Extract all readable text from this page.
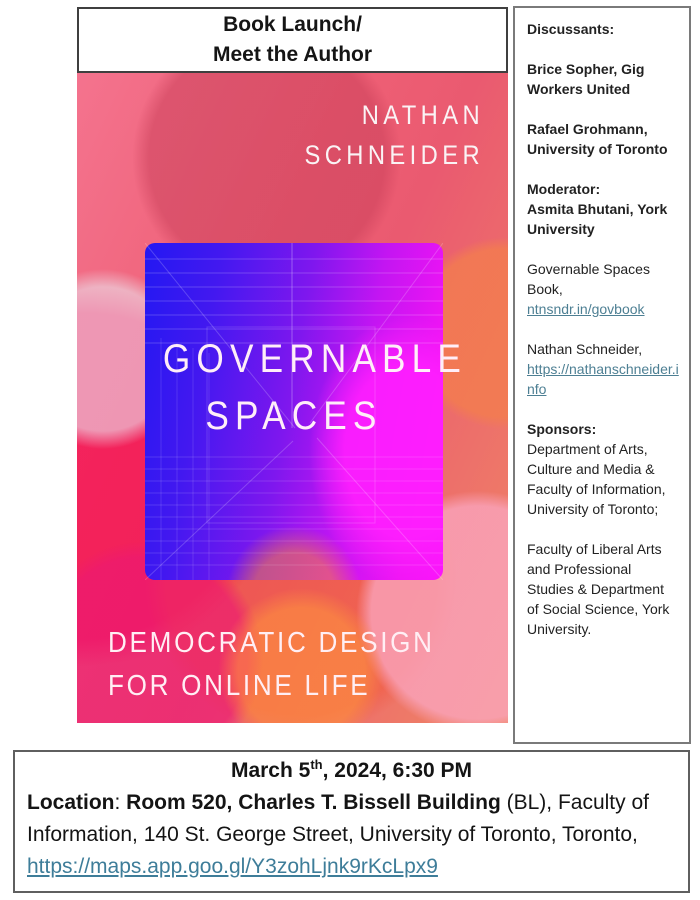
Book Launch/
Meet the Author
NATHAN
SCHNEIDER
GOVERNABLE
SPACES
DEMOCRATIC DESIGN
FOR ONLINE LIFE
Discussants:
Brice Sopher, Gig Workers United
Rafael Grohmann, University of Toronto
Moderator:
Asmita Bhutani, York University
Governable Spaces Book,
ntnsndr.in/govbook
Nathan Schneider,
https://nathanschneider.info
Sponsors:
Department of Arts, Culture and Media & Faculty of Information, University of Toronto;
Faculty of Liberal Arts and Professional Studies & Department of Social Science, York University.

March 5th, 2024, 6:30 PM

Location: Room 520, Charles T. Bissell Building (BL), Faculty of Information, 140 St. George Street, University of Toronto, Toronto, https://maps.app.goo.gl/Y3zohLjnk9rKcLpx9
